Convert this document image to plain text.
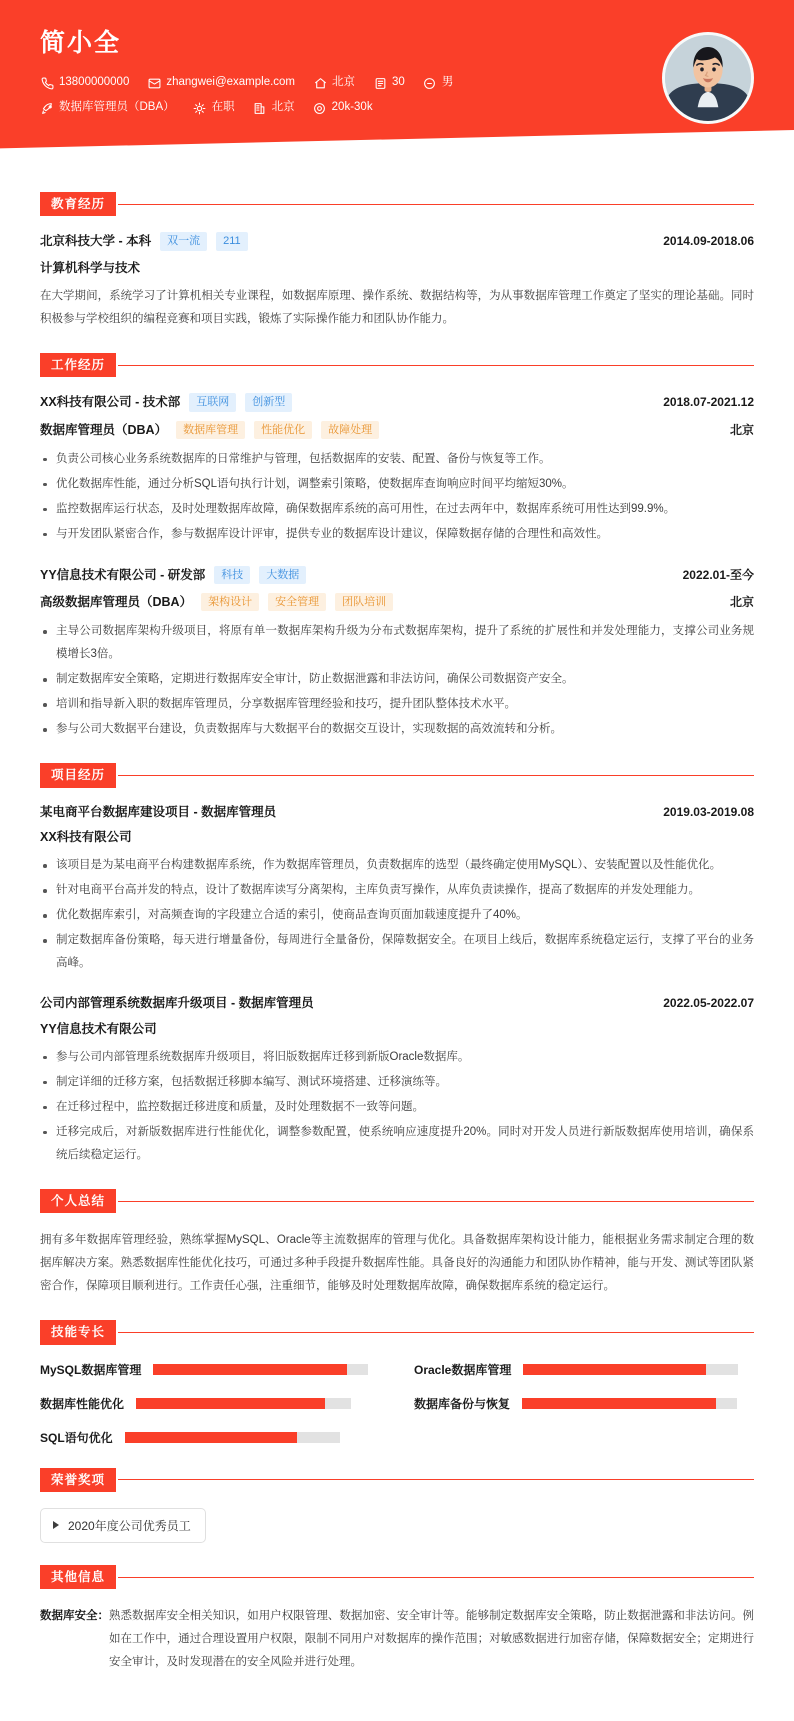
简小全
13800000000	zhangwei@example.com	北京	30	男
数据库管理员（DBA）	在职	北京	20k-30k
教育经历
北京科技大学 - 本科	双一流	211	2014.09-2018.06
计算机科学与技术
在大学期间，系统学习了计算机相关专业课程，如数据库原理、操作系统、数据结构等，为从事数据库管理工作奠定了坚实的理论基础。同时积极参与学校组织的编程竞赛和项目实践，锻炼了实际操作能力和团队协作能力。
工作经历
XX科技有限公司 - 技术部	互联网	创新型	2018.07-2021.12
数据库管理员（DBA）	数据库管理	性能优化	故障处理	北京
负责公司核心业务系统数据库的日常维护与管理，包括数据库的安装、配置、备份与恢复等工作。
优化数据库性能，通过分析SQL语句执行计划，调整索引策略，使数据库查询响应时间平均缩短30%。
监控数据库运行状态，及时处理数据库故障，确保数据库系统的高可用性，在过去两年中，数据库系统可用性达到99.9%。
与开发团队紧密合作，参与数据库设计评审，提供专业的数据库设计建议，保障数据存储的合理性和高效性。
YY信息技术有限公司 - 研发部	科技	大数据	2022.01-至今
高级数据库管理员（DBA）	架构设计	安全管理	团队培训	北京
主导公司数据库架构升级项目，将原有单一数据库架构升级为分布式数据库架构，提升了系统的扩展性和并发处理能力，支撑公司业务规模增长3倍。
制定数据库安全策略，定期进行数据库安全审计，防止数据泄露和非法访问，确保公司数据资产安全。
培训和指导新入职的数据库管理员，分享数据库管理经验和技巧，提升团队整体技术水平。
参与公司大数据平台建设，负责数据库与大数据平台的数据交互设计，实现数据的高效流转和分析。
项目经历
某电商平台数据库建设项目 - 数据库管理员	2019.03-2019.08
XX科技有限公司
该项目是为某电商平台构建数据库系统，作为数据库管理员，负责数据库的选型（最终确定使用MySQL）、安装配置以及性能优化。
针对电商平台高并发的特点，设计了数据库读写分离架构，主库负责写操作，从库负责读操作，提高了数据库的并发处理能力。
优化数据库索引，对高频查询的字段建立合适的索引，使商品查询页面加载速度提升了40%。
制定数据库备份策略，每天进行增量备份，每周进行全量备份，保障数据安全。在项目上线后，数据库系统稳定运行，支撑了平台的业务高峰。
公司内部管理系统数据库升级项目 - 数据库管理员	2022.05-2022.07
YY信息技术有限公司
参与公司内部管理系统数据库升级项目，将旧版数据库迁移到新版Oracle数据库。
制定详细的迁移方案，包括数据迁移脚本编写、测试环境搭建、迁移演练等。
在迁移过程中，监控数据迁移进度和质量，及时处理数据不一致等问题。
迁移完成后，对新版数据库进行性能优化，调整参数配置，使系统响应速度提升20%。同时对开发人员进行新版数据库使用培训，确保系统后续稳定运行。
个人总结
拥有多年数据库管理经验，熟练掌握MySQL、Oracle等主流数据库的管理与优化。具备数据库架构设计能力，能根据业务需求制定合理的数据库解决方案。熟悉数据库性能优化技巧，可通过多种手段提升数据库性能。具备良好的沟通能力和团队协作精神，能与开发、测试等团队紧密合作，保障项目顺利进行。工作责任心强，注重细节，能够及时处理数据库故障，确保数据库系统的稳定运行。
技能专长
MySQL数据库管理	Oracle数据库管理
数据库性能优化	数据库备份与恢复
SQL语句优化
荣誉奖项
2020年度公司优秀员工
其他信息
数据库安全： 熟悉数据库安全相关知识，如用户权限管理、数据加密、安全审计等。能够制定数据库安全策略，防止数据泄露和非法访问。例如在工作中，通过合理设置用户权限，限制不同用户对数据库的操作范围；对敏感数据进行加密存储，保障数据安全；定期进行安全审计，及时发现潜在的安全风险并进行处理。
